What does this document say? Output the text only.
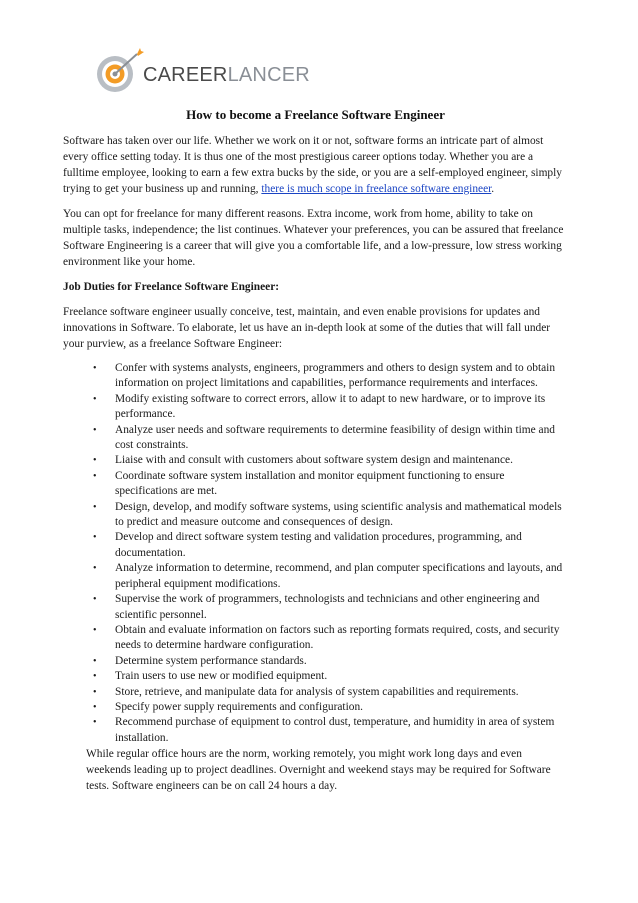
CAREERLANCER
How to become a Freelance Software Engineer

Software has taken over our life. Whether we work on it or not, software forms an intricate part of almost every office setting today. It is thus one of the most prestigious career options today. Whether you are a fulltime employee, looking to earn a few extra bucks by the side, or you are a self-employed engineer, simply trying to get your business up and running, there is much scope in freelance software engineer.

You can opt for freelance for many different reasons. Extra income, work from home, ability to take on multiple tasks, independence; the list continues. Whatever your preferences, you can be assured that freelance Software Engineering is a career that will give you a comfortable life, and a low-pressure, low stress working environment like your home.

Job Duties for Freelance Software Engineer:

Freelance software engineer usually conceive, test, maintain, and even enable provisions for updates and innovations in Software. To elaborate, let us have an in-depth look at some of the duties that will fall under your purview, as a freelance Software Engineer:

• Confer with systems analysts, engineers, programmers and others to design system and to obtain information on project limitations and capabilities, performance requirements and interfaces.
• Modify existing software to correct errors, allow it to adapt to new hardware, or to improve its performance.
• Analyze user needs and software requirements to determine feasibility of design within time and cost constraints.
• Liaise with and consult with customers about software system design and maintenance.
• Coordinate software system installation and monitor equipment functioning to ensure specifications are met.
• Design, develop, and modify software systems, using scientific analysis and mathematical models to predict and measure outcome and consequences of design.
• Develop and direct software system testing and validation procedures, programming, and documentation.
• Analyze information to determine, recommend, and plan computer specifications and layouts, and peripheral equipment modifications.
• Supervise the work of programmers, technologists and technicians and other engineering and scientific personnel.
• Obtain and evaluate information on factors such as reporting formats required, costs, and security needs to determine hardware configuration.
• Determine system performance standards.
• Train users to use new or modified equipment.
• Store, retrieve, and manipulate data for analysis of system capabilities and requirements.
• Specify power supply requirements and configuration.
• Recommend purchase of equipment to control dust, temperature, and humidity in area of system installation.
While regular office hours are the norm, working remotely, you might work long days and even weekends leading up to project deadlines. Overnight and weekend stays may be required for Software tests. Software engineers can be on call 24 hours a day.
